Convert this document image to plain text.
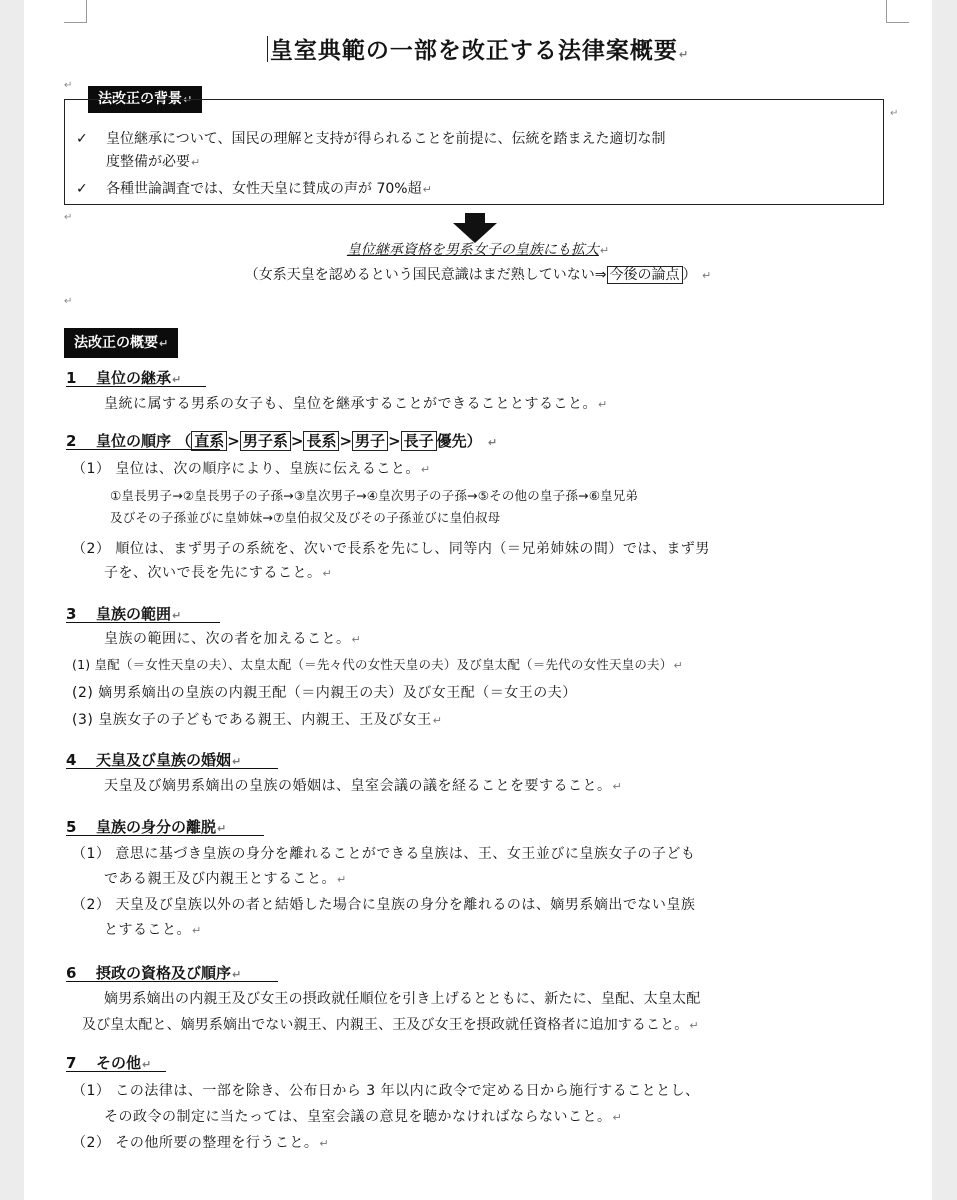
皇室典範の一部を改正する法律案概要↵
↵
法改正の背景↵
↵
✓ 皇位継承について、国民の理解と支持が得られることを前提に、伝統を踏まえた適切な制
度整備が必要↵
✓ 各種世論調査では、女性天皇に賛成の声が 70%超↵
↵
皇位継承資格を男系女子の皇族にも拡大↵
（女系天皇を認めるという国民意識はまだ熟していない⇒ 今後の論点 ） ↵
↵
法改正の概要↵
1 皇位の継承↵
皇統に属する男系の女子も、皇位を継承することができることとすること。↵
2 皇位の順序 （ 直系 > 男子系 > 長系 > 男子 > 長子 優先） ↵
（1） 皇位は、次の順序により、皇族に伝えること。↵
①皇長男子→②皇長男子の子孫→③皇次男子→④皇次男子の子孫→⑤その他の皇子孫→⑥皇兄弟
及びその子孫並びに皇姉妹→⑦皇伯叔父及びその子孫並びに皇伯叔母
（2） 順位は、まず男子の系統を、次いで長系を先にし、同等内（＝兄弟姉妹の間）では、まず男
子を、次いで長を先にすること。↵
3 皇族の範囲↵
皇族の範囲に、次の者を加えること。↵
(1) 皇配（＝女性天皇の夫）、太皇太配（＝先々代の女性天皇の夫）及び皇太配（＝先代の女性天皇の夫）↵
(2) 嫡男系嫡出の皇族の内親王配（＝内親王の夫）及び女王配（＝女王の夫）
(3) 皇族女子の子どもである親王、内親王、王及び女王↵
4 天皇及び皇族の婚姻↵
天皇及び嫡男系嫡出の皇族の婚姻は、皇室会議の議を経ることを要すること。↵
5 皇族の身分の離脱↵
（1） 意思に基づき皇族の身分を離れることができる皇族は、王、女王並びに皇族女子の子ども
である親王及び内親王とすること。↵
（2） 天皇及び皇族以外の者と結婚した場合に皇族の身分を離れるのは、嫡男系嫡出でない皇族
とすること。↵
6 摂政の資格及び順序↵
嫡男系嫡出の内親王及び女王の摂政就任順位を引き上げるとともに、新たに、皇配、太皇太配
及び皇太配と、嫡男系嫡出でない親王、内親王、王及び女王を摂政就任資格者に追加すること。↵
7 その他↵
（1） この法律は、一部を除き、公布日から 3 年以内に政令で定める日から施行することとし、
その政令の制定に当たっては、皇室会議の意見を聴かなければならないこと。↵
（2） その他所要の整理を行うこと。↵
